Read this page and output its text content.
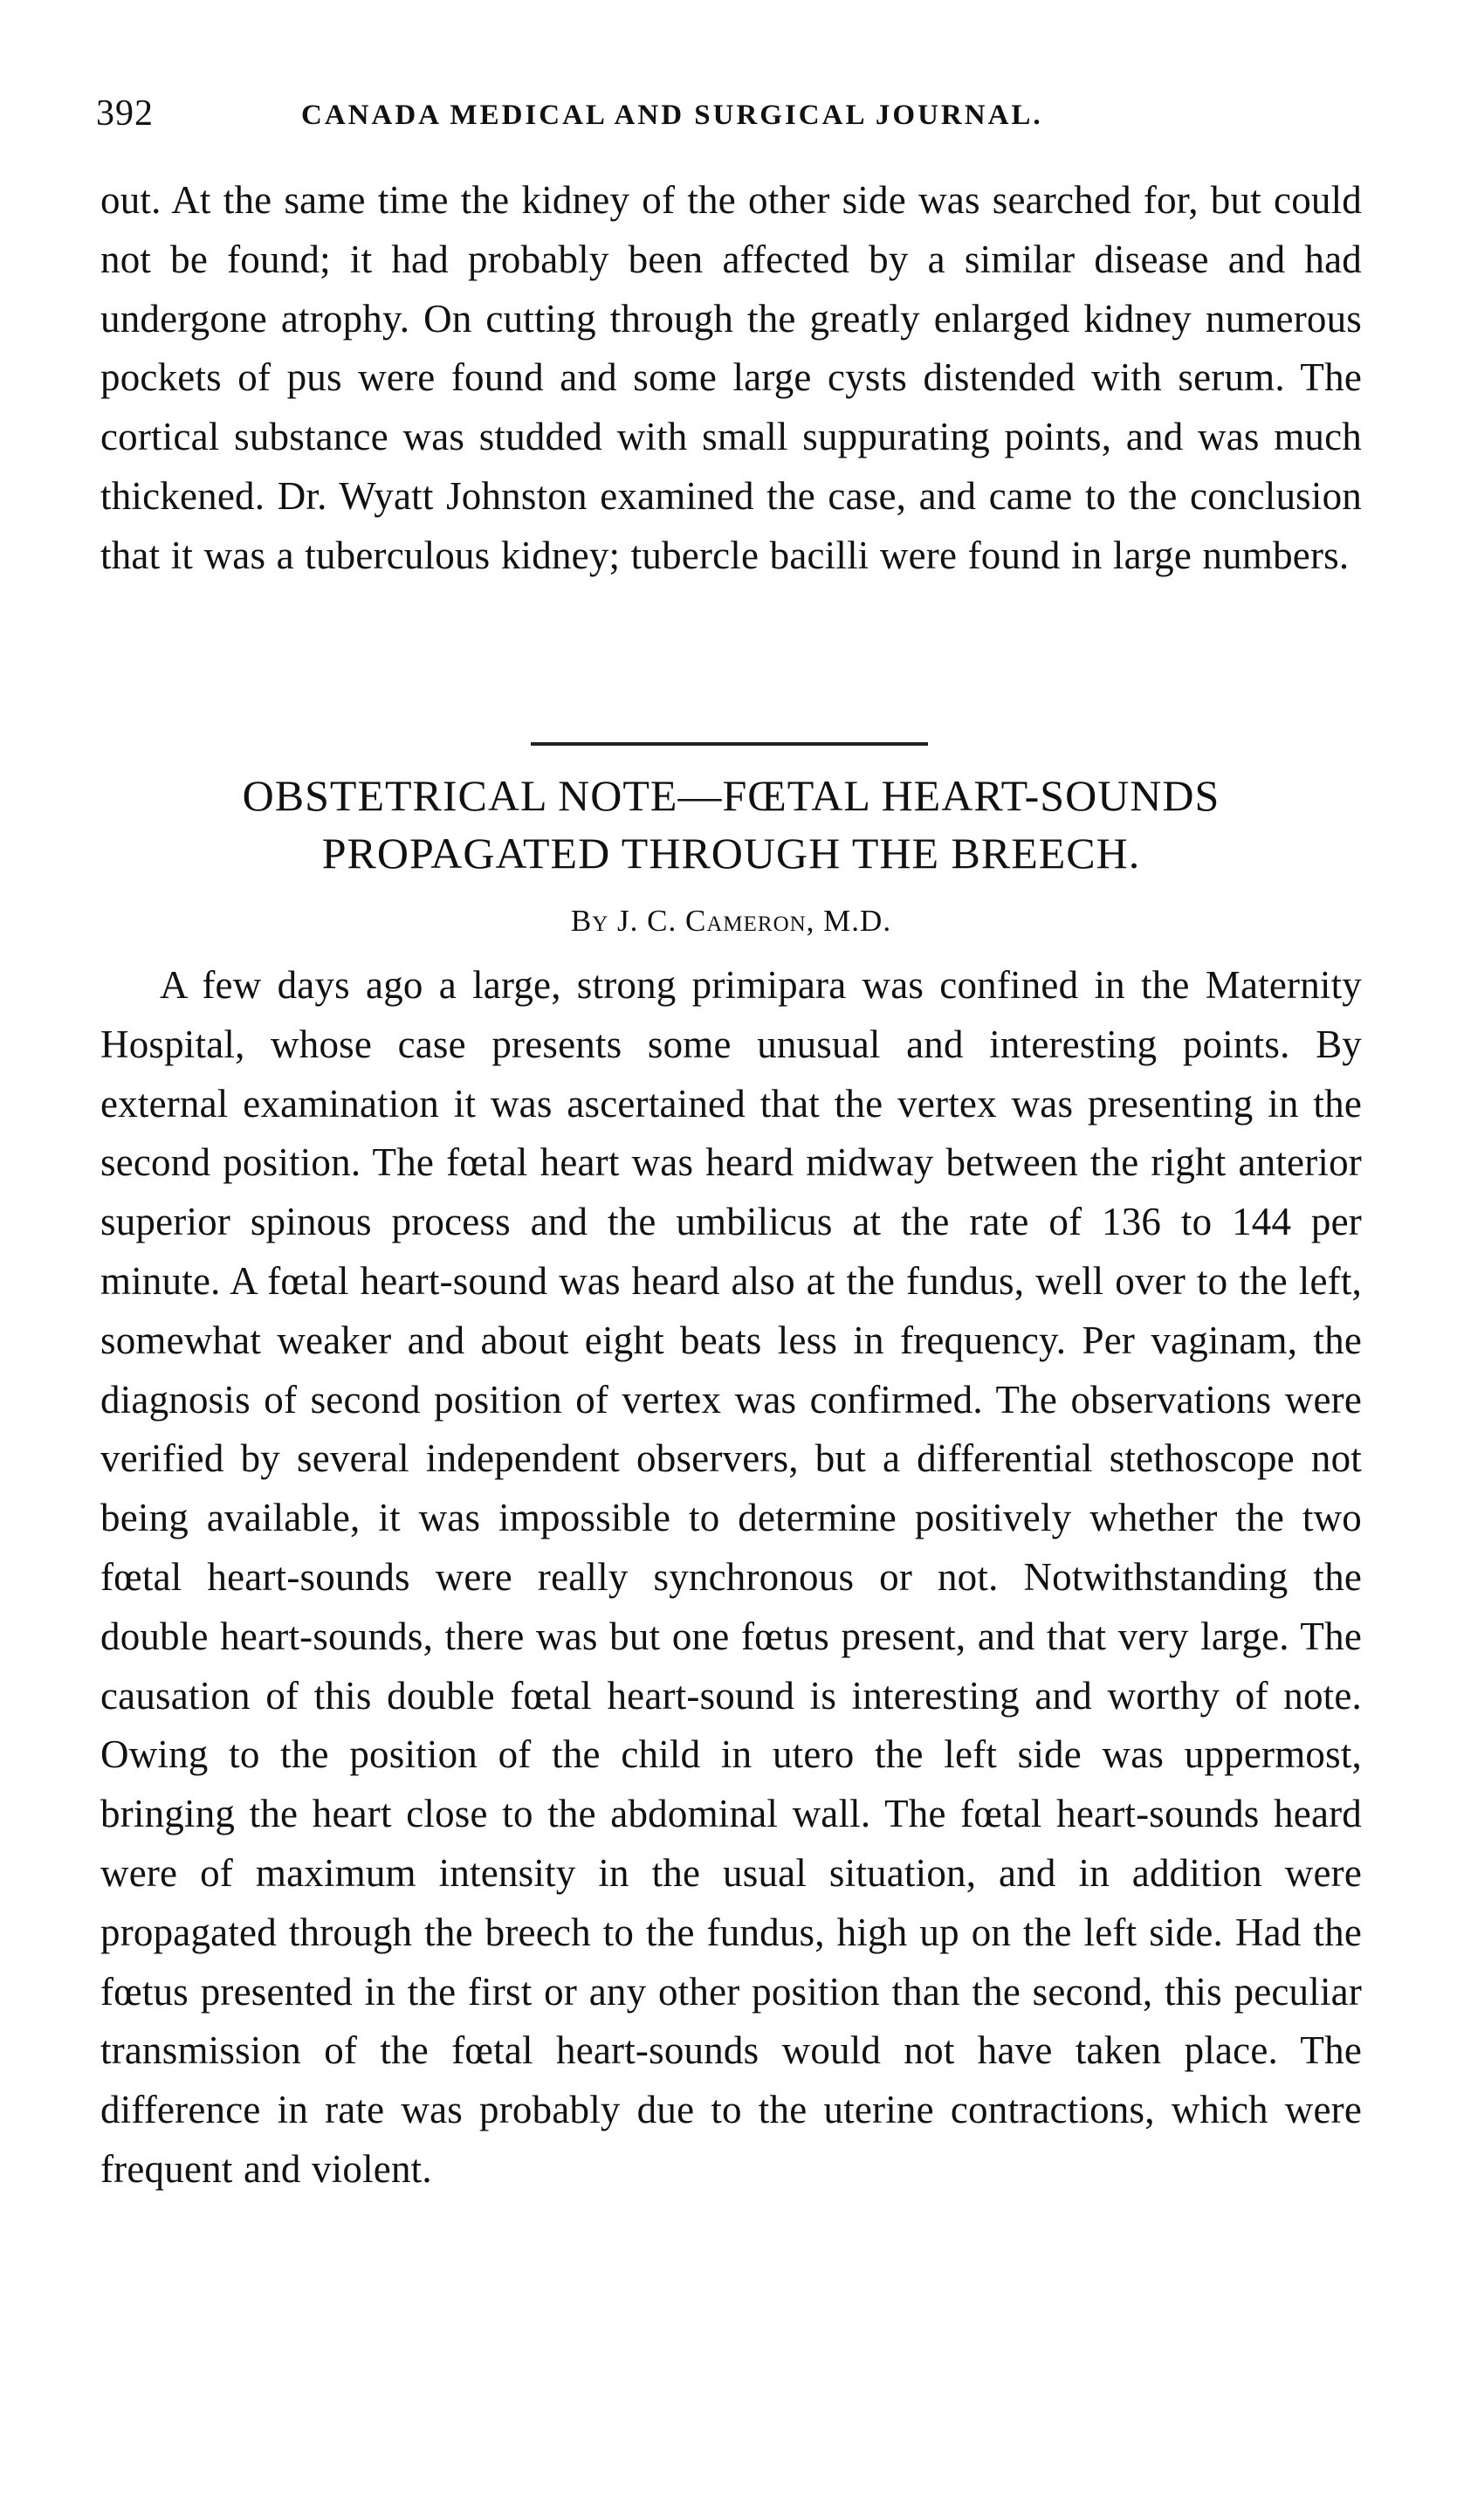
392	CANADA MEDICAL AND SURGICAL JOURNAL.

out. At the same time the kidney of the other side was searched for, but could not be found; it had probably been affected by a similar disease and had undergone atrophy. On cutting through the greatly enlarged kidney numerous pockets of pus were found and some large cysts distended with serum. The cortical substance was studded with small suppurating points, and was much thickened. Dr. Wyatt Johnston examined the case, and came to the conclusion that it was a tuberculous kidney; tubercle bacilli were found in large numbers.

OBSTETRICAL NOTE—FŒTAL HEART-SOUNDS PROPAGATED THROUGH THE BREECH.

By J. C. Cameron, M.D.

A few days ago a large, strong primipara was confined in the Maternity Hospital, whose case presents some unusual and interesting points. By external examination it was ascertained that the vertex was presenting in the second position. The fœtal heart was heard midway between the right anterior superior spinous process and the umbilicus at the rate of 136 to 144 per minute. A fœtal heart-sound was heard also at the fundus, well over to the left, somewhat weaker and about eight beats less in frequency. Per vaginam, the diagnosis of second position of vertex was confirmed. The observations were verified by several independent observers, but a differential stethoscope not being available, it was impossible to determine positively whether the two fœtal heart-sounds were really synchronous or not. Notwithstanding the double heart-sounds, there was but one fœtus present, and that very large. The causation of this double fœtal heart-sound is interesting and worthy of note. Owing to the position of the child in utero the left side was uppermost, bringing the heart close to the abdominal wall. The fœtal heart-sounds heard were of maximum intensity in the usual situation, and in addition were propagated through the breech to the fundus, high up on the left side. Had the fœtus presented in the first or any other position than the second, this peculiar transmission of the fœtal heart-sounds would not have taken place. The difference in rate was probably due to the uterine contractions, which were frequent and violent.
